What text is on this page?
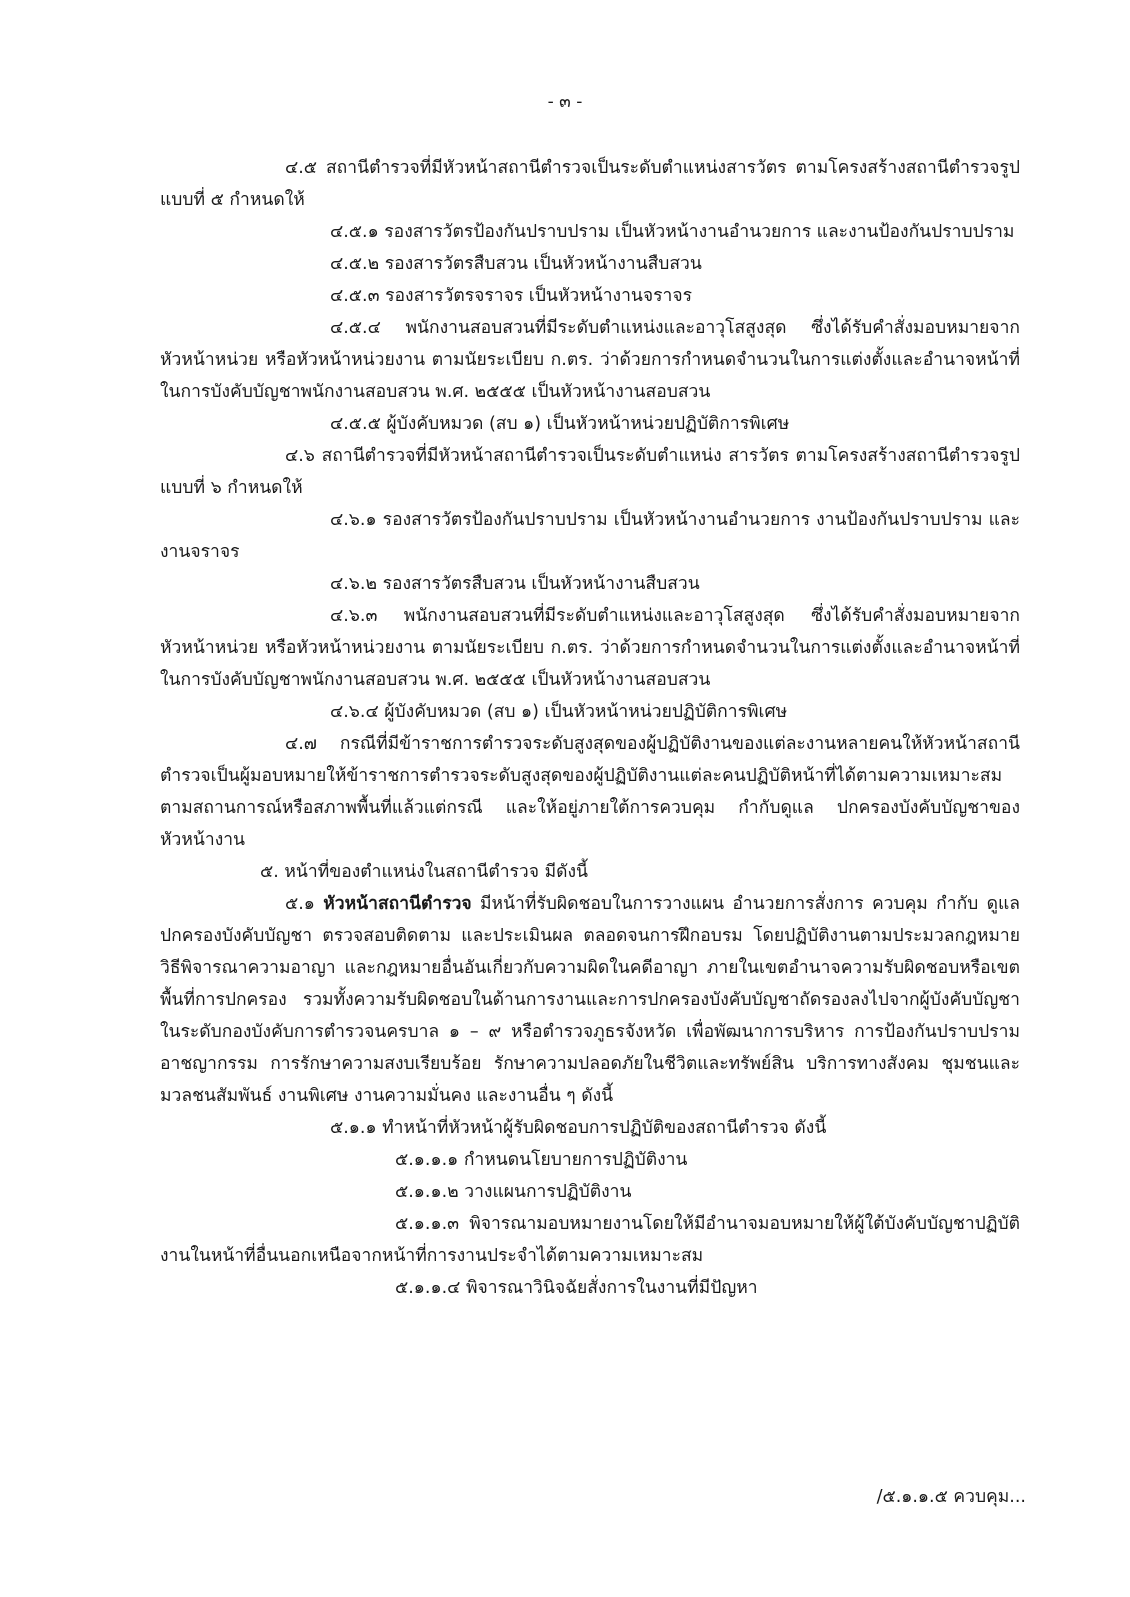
- ๓ -

๔.๕ สถานีตำรวจที่มีหัวหน้าสถานีตำรวจเป็นระดับตำแหน่งสารวัตร ตามโครงสร้างสถานีตำรวจรูปแบบที่ ๕ กำหนดให้

๔.๕.๑ รองสารวัตรป้องกันปราบปราม เป็นหัวหน้างานอำนวยการ และงานป้องกันปราบปราม

๔.๕.๒ รองสารวัตรสืบสวน เป็นหัวหน้างานสืบสวน

๔.๕.๓ รองสารวัตรจราจร เป็นหัวหน้างานจราจร

๔.๕.๔ พนักงานสอบสวนที่มีระดับตำแหน่งและอาวุโสสูงสุด ซึ่งได้รับคำสั่งมอบหมายจากหัวหน้าหน่วย หรือหัวหน้าหน่วยงาน ตามนัยระเบียบ ก.ตร. ว่าด้วยการกำหนดจำนวนในการแต่งตั้งและอำนาจหน้าที่ในการบังคับบัญชาพนักงานสอบสวน พ.ศ. ๒๕๕๕ เป็นหัวหน้างานสอบสวน

๔.๕.๕ ผู้บังคับหมวด (สบ ๑) เป็นหัวหน้าหน่วยปฏิบัติการพิเศษ

๔.๖ สถานีตำรวจที่มีหัวหน้าสถานีตำรวจเป็นระดับตำแหน่ง สารวัตร ตามโครงสร้างสถานีตำรวจรูปแบบที่ ๖ กำหนดให้

๔.๖.๑ รองสารวัตรป้องกันปราบปราม เป็นหัวหน้างานอำนวยการ งานป้องกันปราบปราม และงานจราจร

๔.๖.๒ รองสารวัตรสืบสวน เป็นหัวหน้างานสืบสวน

๔.๖.๓ พนักงานสอบสวนที่มีระดับตำแหน่งและอาวุโสสูงสุด ซึ่งได้รับคำสั่งมอบหมายจากหัวหน้าหน่วย หรือหัวหน้าหน่วยงาน ตามนัยระเบียบ ก.ตร. ว่าด้วยการกำหนดจำนวนในการแต่งตั้งและอำนาจหน้าที่ในการบังคับบัญชาพนักงานสอบสวน พ.ศ. ๒๕๕๕ เป็นหัวหน้างานสอบสวน

๔.๖.๔ ผู้บังคับหมวด (สบ ๑) เป็นหัวหน้าหน่วยปฏิบัติการพิเศษ

๔.๗ กรณีที่มีข้าราชการตำรวจระดับสูงสุดของผู้ปฏิบัติงานของแต่ละงานหลายคนให้หัวหน้าสถานีตำรวจเป็นผู้มอบหมายให้ข้าราชการตำรวจระดับสูงสุดของผู้ปฏิบัติงานแต่ละคนปฏิบัติหน้าที่ได้ตามความเหมาะสม ตามสถานการณ์หรือสภาพพื้นที่แล้วแต่กรณี และให้อยู่ภายใต้การควบคุม กำกับดูแล ปกครองบังคับบัญชาของหัวหน้างาน

๕. หน้าที่ของตำแหน่งในสถานีตำรวจ มีดังนี้

๕.๑ หัวหน้าสถานีตำรวจ มีหน้าที่รับผิดชอบในการวางแผน อำนวยการสั่งการ ควบคุม กำกับ ดูแล ปกครองบังคับบัญชา ตรวจสอบติดตาม และประเมินผล ตลอดจนการฝึกอบรม โดยปฏิบัติงานตามประมวลกฎหมายวิธีพิจารณาความอาญา และกฎหมายอื่นอันเกี่ยวกับความผิดในคดีอาญา ภายในเขตอำนาจความรับผิดชอบหรือเขตพื้นที่การปกครอง รวมทั้งความรับผิดชอบในด้านการงานและการปกครองบังคับบัญชาถัดรองลงไปจากผู้บังคับบัญชาในระดับกองบังคับการตำรวจนครบาล ๑ – ๙ หรือตำรวจภูธรจังหวัด เพื่อพัฒนาการบริหาร การป้องกันปราบปรามอาชญากรรม การรักษาความสงบเรียบร้อย รักษาความปลอดภัยในชีวิตและทรัพย์สิน บริการทางสังคม ชุมชนและมวลชนสัมพันธ์ งานพิเศษ งานความมั่นคง และงานอื่น ๆ ดังนี้

๕.๑.๑ ทำหน้าที่หัวหน้าผู้รับผิดชอบการปฏิบัติของสถานีตำรวจ ดังนี้

๕.๑.๑.๑ กำหนดนโยบายการปฏิบัติงาน

๕.๑.๑.๒ วางแผนการปฏิบัติงาน

๕.๑.๑.๓ พิจารณามอบหมายงานโดยให้มีอำนาจมอบหมายให้ผู้ใต้บังคับบัญชาปฏิบัติงานในหน้าที่อื่นนอกเหนือจากหน้าที่การงานประจำได้ตามความเหมาะสม

๕.๑.๑.๔ พิจารณาวินิจฉัยสั่งการในงานที่มีปัญหา

/๕.๑.๑.๕ ควบคุม...
